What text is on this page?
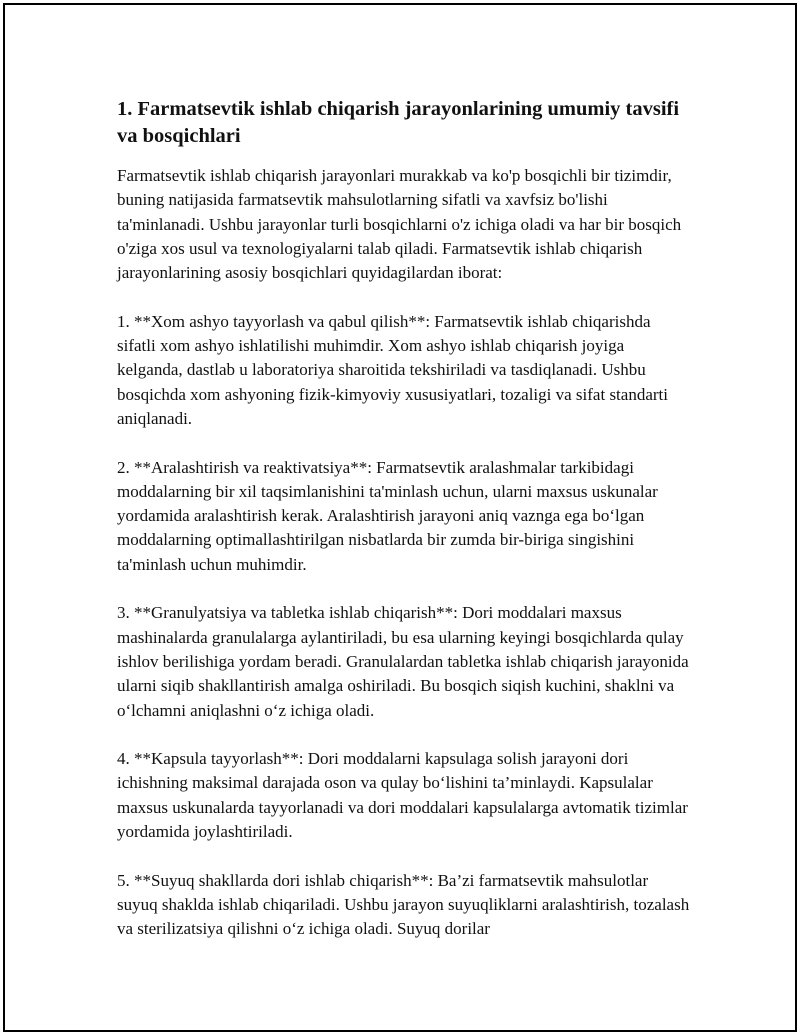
1. Farmatsevtik ishlab chiqarish jarayonlarining umumiy tavsifi va bosqichlari

Farmatsevtik ishlab chiqarish jarayonlari murakkab va ko'p bosqichli bir tizimdir, buning natijasida farmatsevtik mahsulotlarning sifatli va xavfsiz bo'lishi ta'minlanadi. Ushbu jarayonlar turli bosqichlarni o'z ichiga oladi va har bir bosqich o'ziga xos usul va texnologiyalarni talab qiladi. Farmatsevtik ishlab chiqarish jarayonlarining asosiy bosqichlari quyidagilardan iborat:

1. **Xom ashyo tayyorlash va qabul qilish**: Farmatsevtik ishlab chiqarishda sifatli xom ashyo ishlatilishi muhimdir. Xom ashyo ishlab chiqarish joyiga kelganda, dastlab u laboratoriya sharoitida tekshiriladi va tasdiqlanadi. Ushbu bosqichda xom ashyoning fizik-kimyoviy xususiyatlari, tozaligi va sifat standarti aniqlanadi.

2. **Aralashtirish va reaktivatsiya**: Farmatsevtik aralashmalar tarkibidagi moddalarning bir xil taqsimlanishini ta'minlash uchun, ularni maxsus uskunalar yordamida aralashtirish kerak. Aralashtirish jarayoni aniq vaznga ega bo‘lgan moddalarning optimallashtirilgan nisbatlarda bir zumda bir-biriga singishini ta'minlash uchun muhimdir.

3. **Granulyatsiya va tabletka ishlab chiqarish**: Dori moddalari maxsus mashinalarda granulalarga aylantiriladi, bu esa ularning keyingi bosqichlarda qulay ishlov berilishiga yordam beradi. Granulalardan tabletka ishlab chiqarish jarayonida ularni siqib shakllantirish amalga oshiriladi. Bu bosqich siqish kuchini, shaklni va o‘lchamni aniqlashni o‘z ichiga oladi.

4. **Kapsula tayyorlash**: Dori moddalarni kapsulaga solish jarayoni dori ichishning maksimal darajada oson va qulay bo‘lishini ta’minlaydi. Kapsulalar maxsus uskunalarda tayyorlanadi va dori moddalari kapsulalarga avtomatik tizimlar yordamida joylashtiriladi.

5. **Suyuq shakllarda dori ishlab chiqarish**: Ba’zi farmatsevtik mahsulotlar suyuq shaklda ishlab chiqariladi. Ushbu jarayon suyuqliklarni aralashtirish, tozalash va sterilizatsiya qilishni o‘z ichiga oladi. Suyuq dorilar
